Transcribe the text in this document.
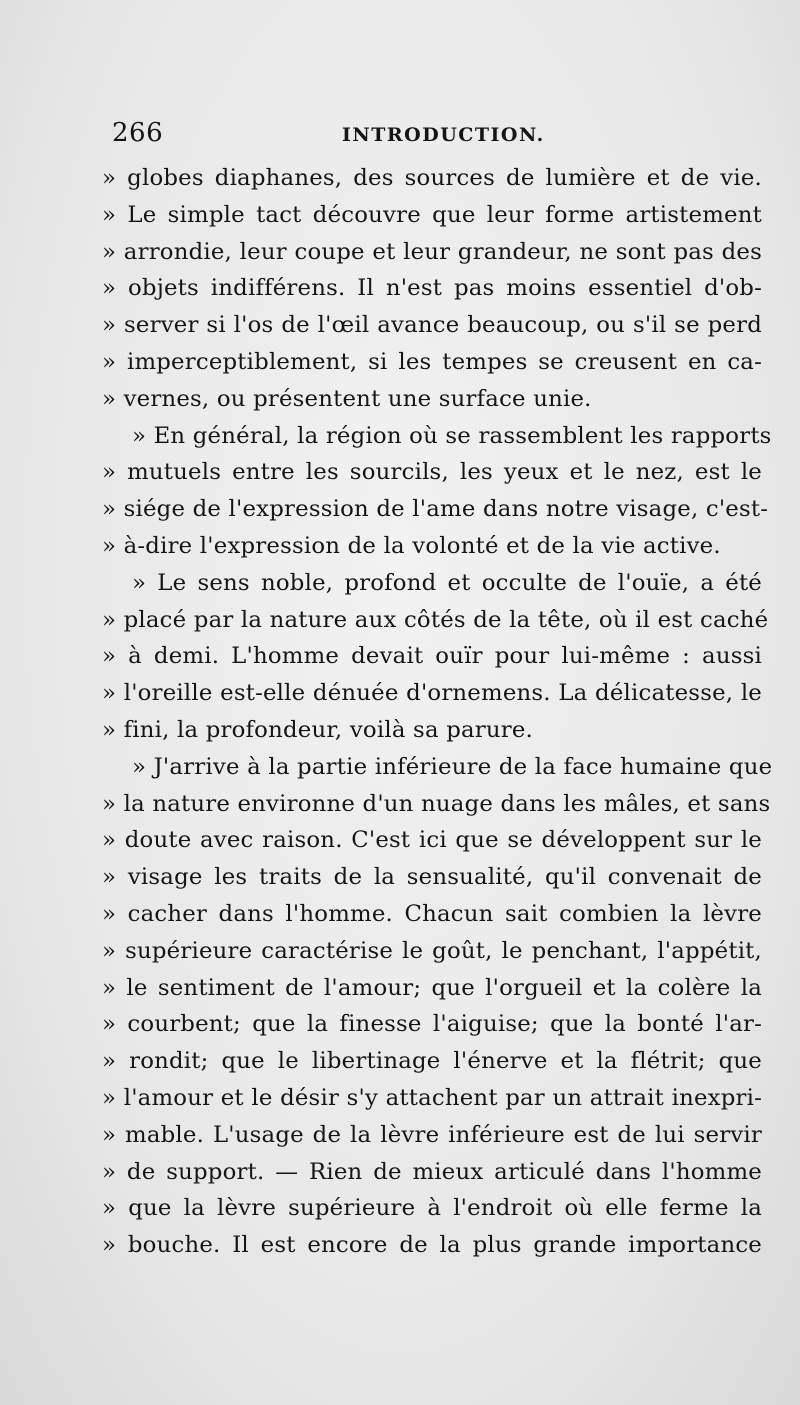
266	INTRODUCTION.
» globes diaphanes, des sources de lumière et de vie.
» Le simple tact découvre que leur forme artistement
» arrondie, leur coupe et leur grandeur, ne sont pas des
» objets indifférens. Il n'est pas moins essentiel d'ob-
» server si l'os de l'œil avance beaucoup, ou s'il se perd
» imperceptiblement, si les tempes se creusent en ca-
» vernes, ou présentent une surface unie.
» En général, la région où se rassemblent les rapports
» mutuels entre les sourcils, les yeux et le nez, est le
» siége de l'expression de l'ame dans notre visage, c'est-
» à-dire l'expression de la volonté et de la vie active.
» Le sens noble, profond et occulte de l'ouïe, a été
» placé par la nature aux côtés de la tête, où il est caché
» à demi. L'homme devait ouïr pour lui-même : aussi
» l'oreille est-elle dénuée d'ornemens. La délicatesse, le
» fini, la profondeur, voilà sa parure.
» J'arrive à la partie inférieure de la face humaine que
» la nature environne d'un nuage dans les mâles, et sans
» doute avec raison. C'est ici que se développent sur le
» visage les traits de la sensualité, qu'il convenait de
» cacher dans l'homme. Chacun sait combien la lèvre
» supérieure caractérise le goût, le penchant, l'appétit,
» le sentiment de l'amour; que l'orgueil et la colère la
» courbent; que la finesse l'aiguise; que la bonté l'ar-
» rondit; que le libertinage l'énerve et la flétrit; que
» l'amour et le désir s'y attachent par un attrait inexpri-
» mable. L'usage de la lèvre inférieure est de lui servir
» de support. — Rien de mieux articulé dans l'homme
» que la lèvre supérieure à l'endroit où elle ferme la
» bouche. Il est encore de la plus grande importance
